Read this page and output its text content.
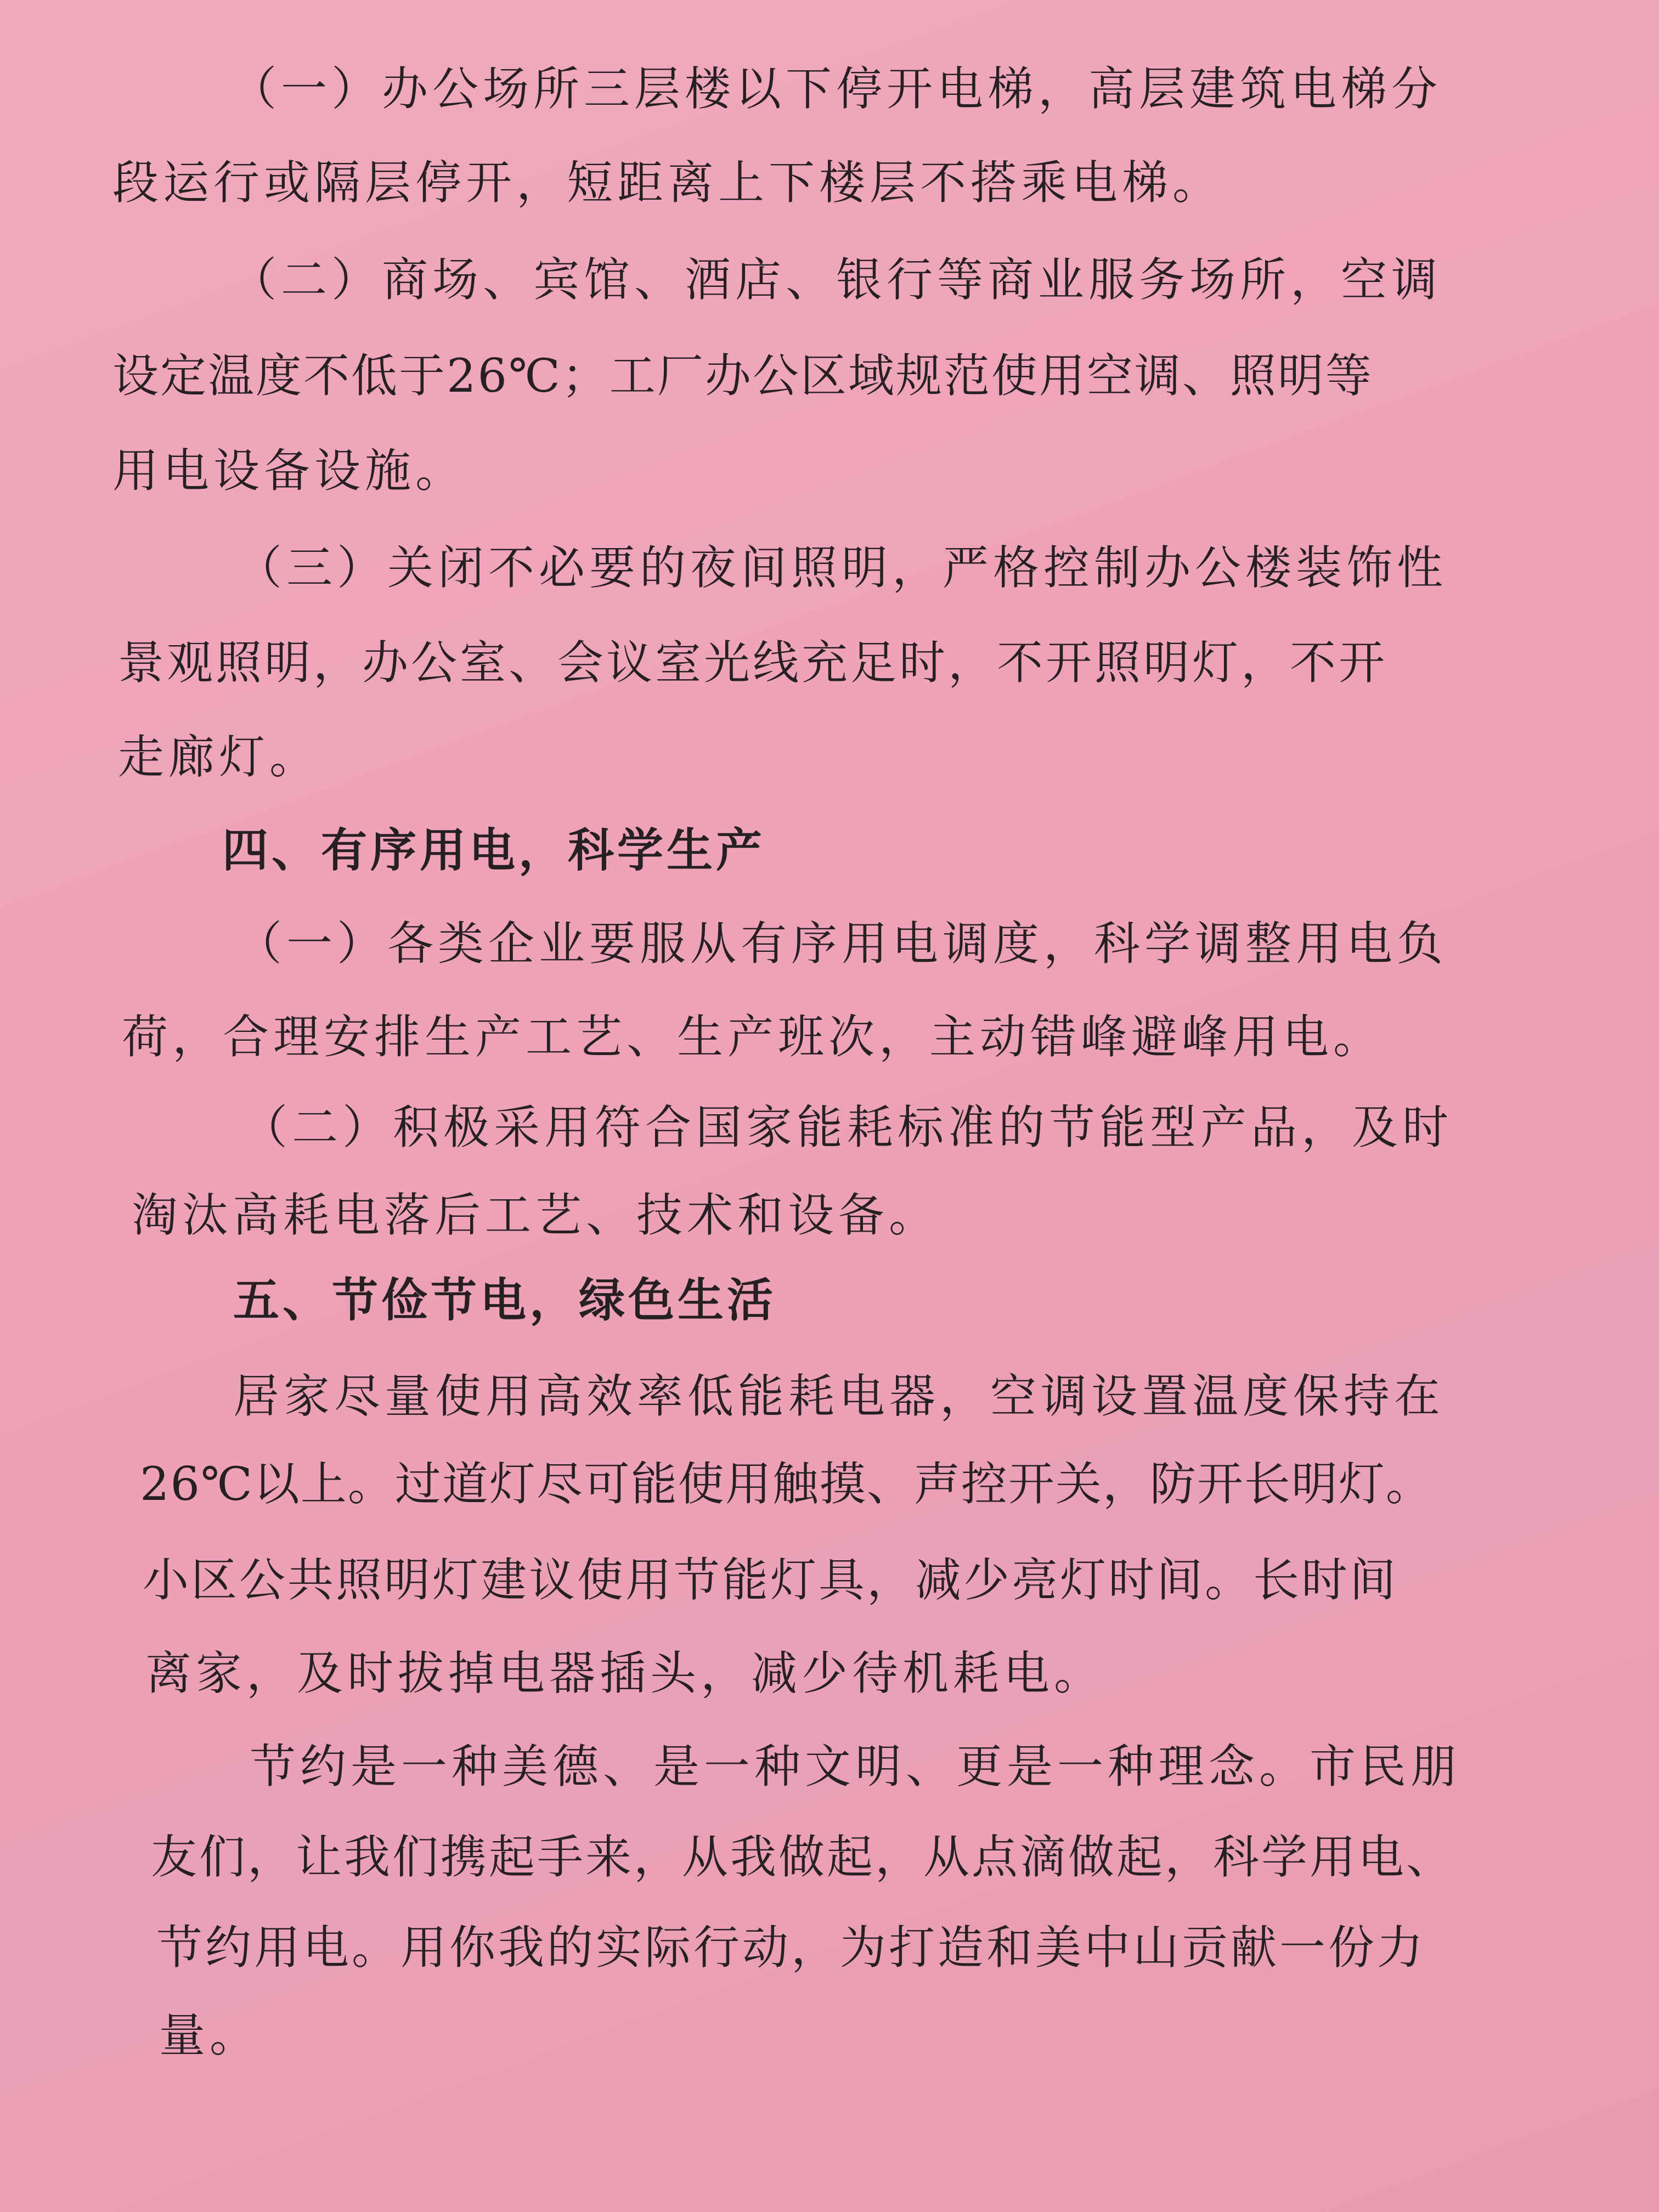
（一）办公场所三层楼以下停开电梯，高层建筑电梯分

段运行或隔层停开，短距离上下楼层不搭乘电梯。

（二）商场、宾馆、酒店、银行等商业服务场所，空调

设定温度不低于26℃；工厂办公区域规范使用空调、照明等

用电设备设施。

（三）关闭不必要的夜间照明，严格控制办公楼装饰性

景观照明，办公室、会议室光线充足时，不开照明灯，不开

走廊灯。

四、有序用电，科学生产

（一）各类企业要服从有序用电调度，科学调整用电负

荷，合理安排生产工艺、生产班次，主动错峰避峰用电。

（二）积极采用符合国家能耗标准的节能型产品，及时

淘汰高耗电落后工艺、技术和设备。

五、节俭节电，绿色生活

居家尽量使用高效率低能耗电器，空调设置温度保持在

26℃以上。过道灯尽可能使用触摸、声控开关，防开长明灯。

小区公共照明灯建议使用节能灯具，减少亮灯时间。长时间

离家，及时拔掉电器插头，减少待机耗电。

节约是一种美德、是一种文明、更是一种理念。市民朋

友们，让我们携起手来，从我做起，从点滴做起，科学用电、

节约用电。用你我的实际行动，为打造和美中山贡献一份力

量。
